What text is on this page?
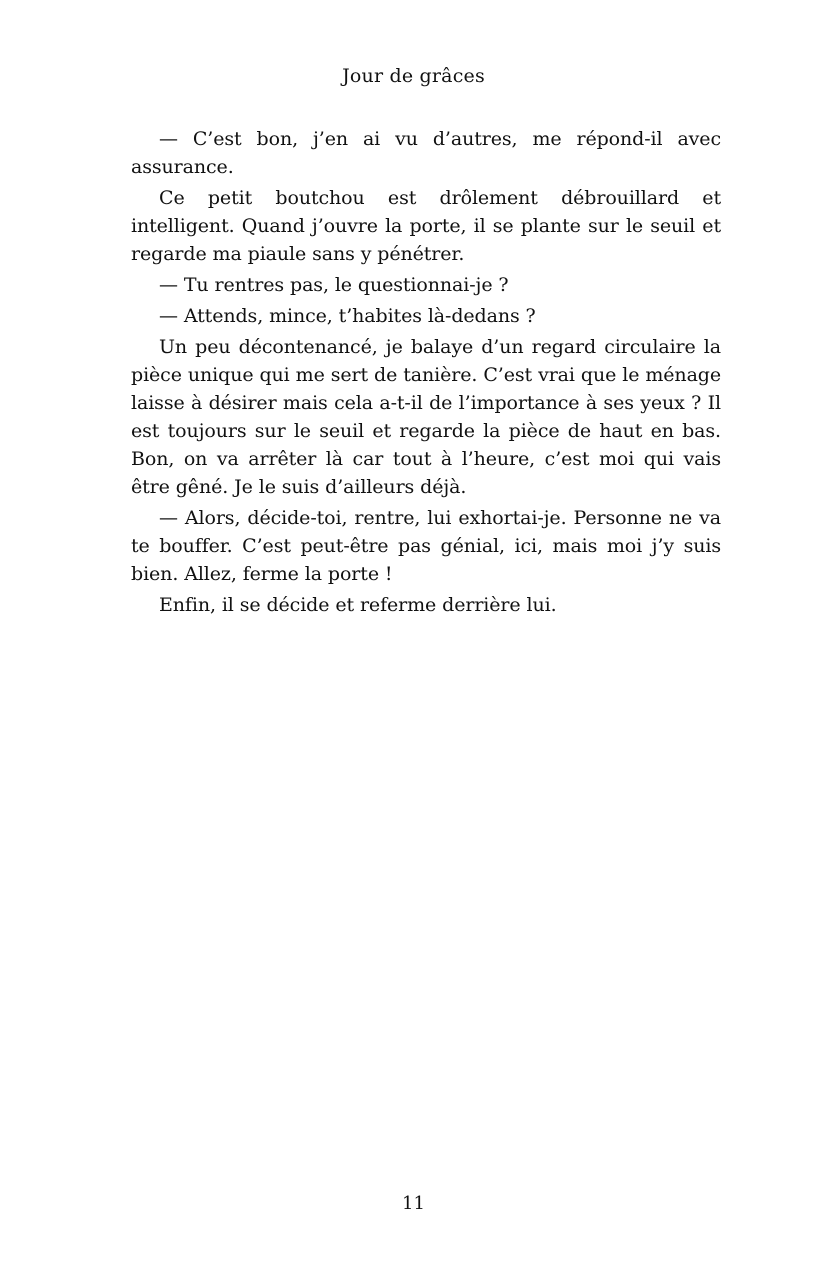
Jour de grâces

— C’est bon, j’en ai vu d’autres, me répond-il avec assurance.

Ce petit boutchou est drôlement débrouillard et intelligent. Quand j’ouvre la porte, il se plante sur le seuil et regarde ma piaule sans y pénétrer.

— Tu rentres pas, le questionnai-je ?

— Attends, mince, t’habites là-dedans ?

Un peu décontenancé, je balaye d’un regard circulaire la pièce unique qui me sert de tanière. C’est vrai que le ménage laisse à désirer mais cela a-t-il de l’importance à ses yeux ? Il est toujours sur le seuil et regarde la pièce de haut en bas. Bon, on va arrêter là car tout à l’heure, c’est moi qui vais être gêné. Je le suis d’ailleurs déjà.

— Alors, décide-toi, rentre, lui exhortai-je. Personne ne va te bouffer. C’est peut-être pas génial, ici, mais moi j’y suis bien. Allez, ferme la porte !

Enfin, il se décide et referme derrière lui.

11
